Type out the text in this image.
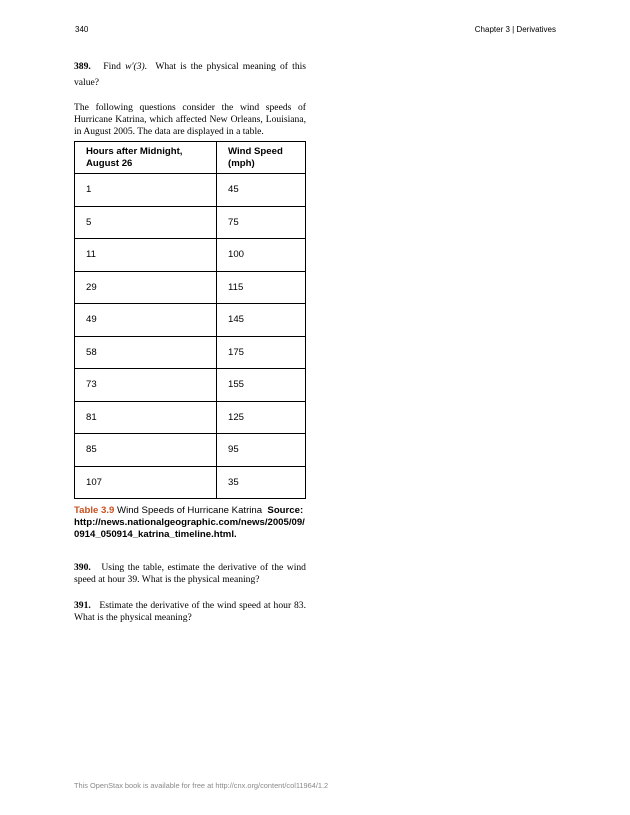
340	Chapter 3 | Derivatives

389. Find w′(3). What is the physical meaning of this value?

The following questions consider the wind speeds of Hurricane Katrina, which affected New Orleans, Louisiana, in August 2005. The data are displayed in a table.

Hours after Midnight, August 26	Wind Speed (mph)
1	45
5	75
11	100
29	115
49	145
58	175
73	155
81	125
85	95
107	35
Table 3.9 Wind Speeds of Hurricane Katrina Source: http://news.nationalgeographic.com/news/2005/09/0914_050914_katrina_timeline.html.

390. Using the table, estimate the derivative of the wind speed at hour 39. What is the physical meaning?

391. Estimate the derivative of the wind speed at hour 83. What is the physical meaning?

This OpenStax book is available for free at http://cnx.org/content/col11964/1.2
